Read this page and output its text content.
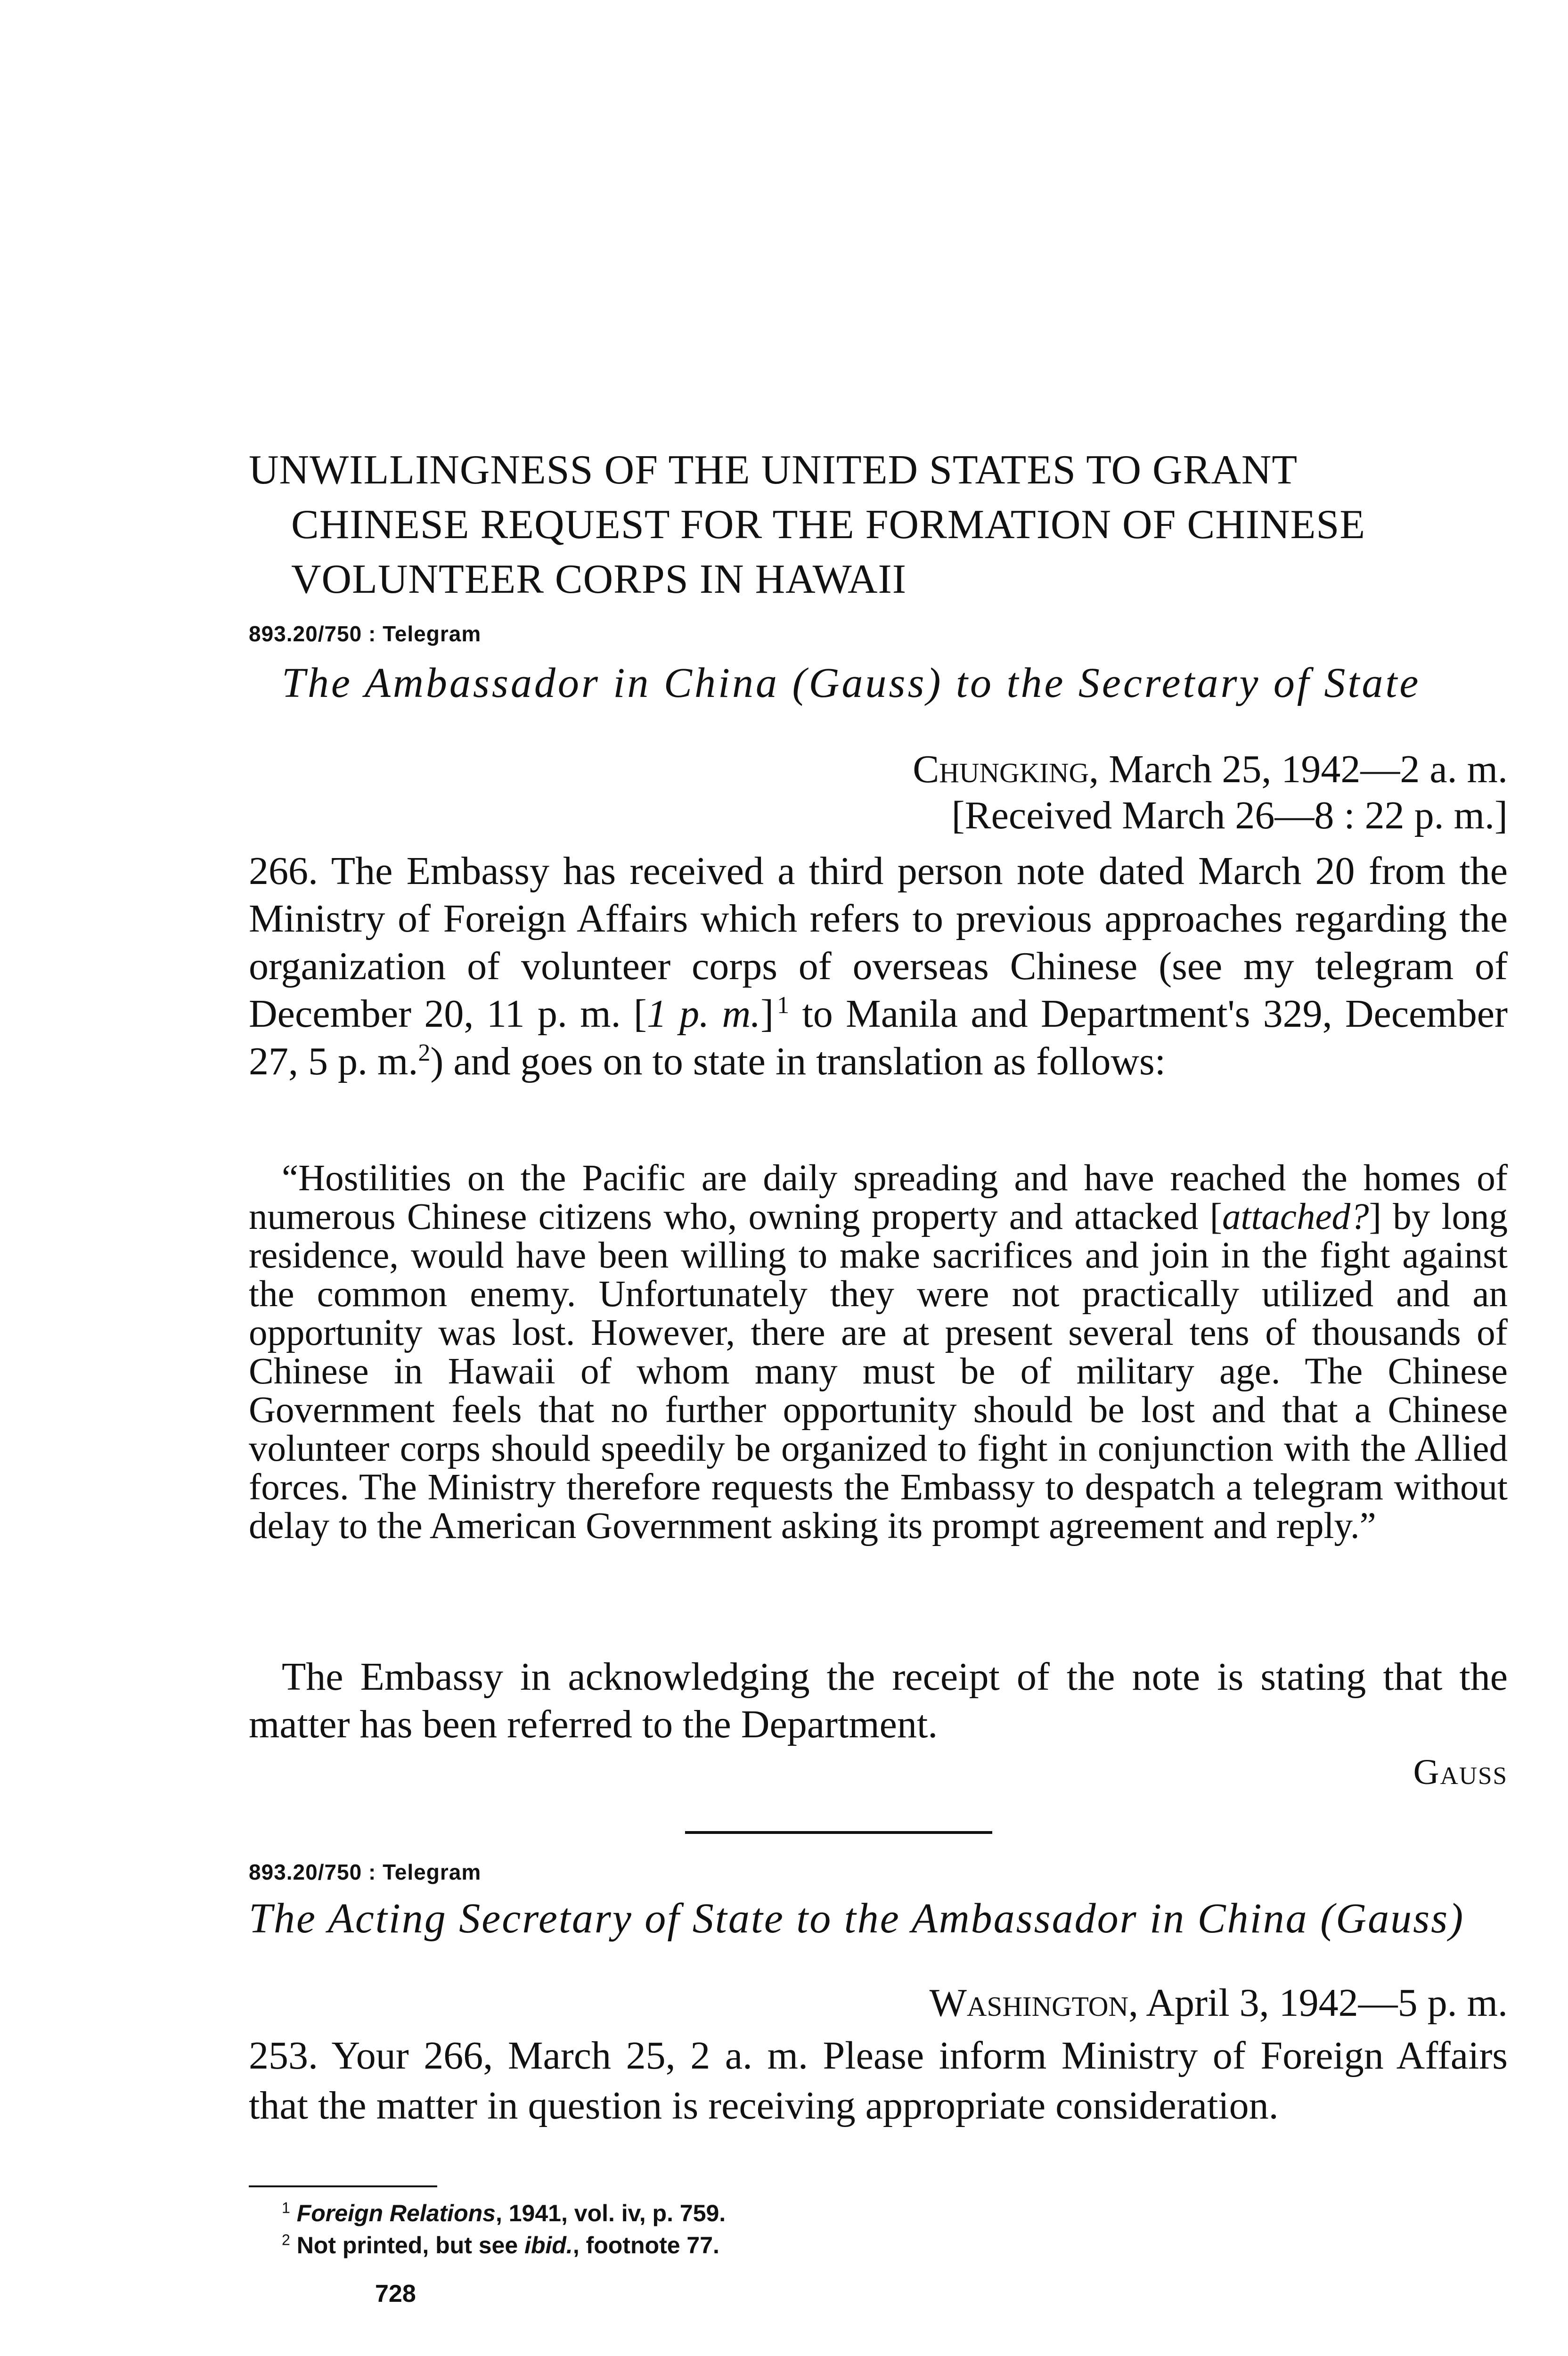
UNWILLINGNESS OF THE UNITED STATES TO GRANT
CHINESE REQUEST FOR THE FORMATION OF CHINESE
VOLUNTEER CORPS IN HAWAII
893.20/750 : Telegram
The Ambassador in China (Gauss) to the Secretary of State
Chungking, March 25, 1942—2 a. m.
[Received March 26—8 : 22 p. m.]
266. The Embassy has received a third person note dated March 20 from the Ministry of Foreign Affairs which refers to previous approaches regarding the organization of volunteer corps of overseas Chinese (see my telegram of December 20, 11 p. m. [1 p. m.]  $^1$ to Manila and Department's 329, December 27, 5 p. m.$^2$) and goes on to state in translation as follows:
“Hostilities on the Pacific are daily spreading and have reached the homes of numerous Chinese citizens who, owning property and attacked [attached?] by long residence, would have been willing to make sacrifices and join in the fight against the common enemy. Unfortunately they were not practically utilized and an opportunity was lost. However, there are at present several tens of thousands of Chinese in Hawaii of whom many must be of military age. The Chinese Government feels that no further opportunity should be lost and that a Chinese volunteer corps should speedily be organized to fight in conjunction with the Allied forces. The Ministry therefore requests the Embassy to despatch a telegram without delay to the American Government asking its prompt agreement and reply.”
The Embassy in acknowledging the receipt of the note is stating that the matter has been referred to the Department.
Gauss
893.20/750 : Telegram
The Acting Secretary of State to the Ambassador in China (Gauss)
Washington, April 3, 1942—5 p. m.
253. Your 266, March 25, 2 a. m. Please inform Ministry of Foreign Affairs that the matter in question is receiving appropriate consideration.
$^1$ Foreign Relations, 1941, vol. iv, p. 759.
$^2$ Not printed, but see ibid., footnote 77.
728
